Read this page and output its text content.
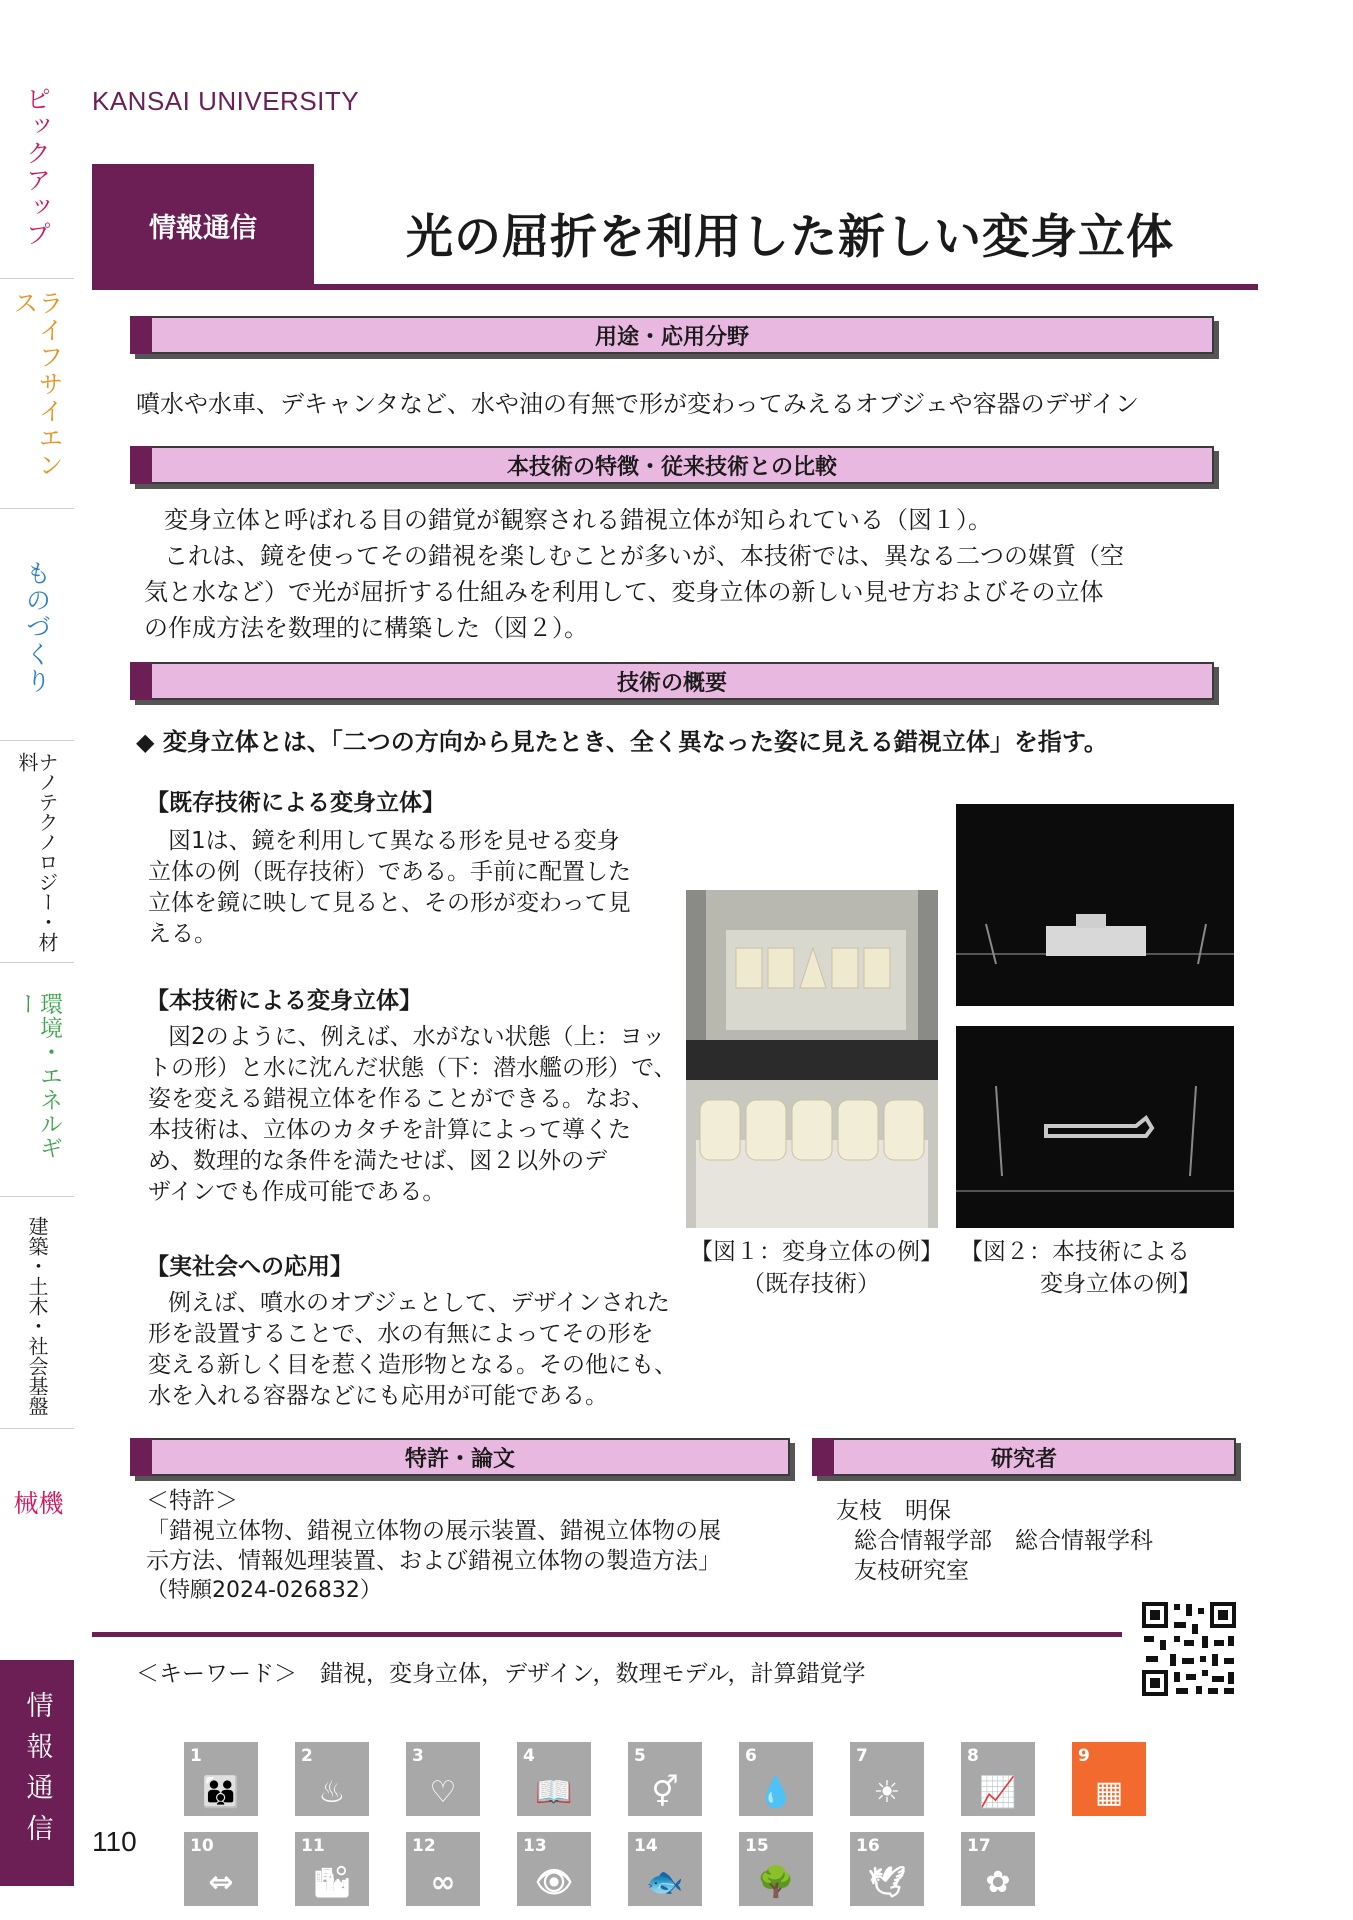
ピックアップ
ライフサイエンス
ものづくり
ナノテクノロジー・材料
環境・エネルギー
建築・土木・社会基盤
機械
情報通信
KANSAI UNIVERSITY
情報通信	光の屈折を利用した新しい変身立体
用途・応用分野
噴水や水車、デキャンタなど、水や油の有無で形が変わってみえるオブジェや容器のデザイン
本技術の特徴・従来技術との比較
変身立体と呼ばれる目の錯覚が観察される錯視立体が知られている（図１）。
これは、鏡を使ってその錯視を楽しむことが多いが、本技術では、異なる二つの媒質（空
気と水など）で光が屈折する仕組みを利用して、変身立体の新しい見せ方およびその立体
の作成方法を数理的に構築した（図２）。
技術の概要
◆ 変身立体とは、「二つの方向から見たとき、全く異なった姿に見える錯視立体」を指す。
【既存技術による変身立体】
図1は、鏡を利用して異なる形を見せる変身
立体の例（既存技術）である。手前に配置した
立体を鏡に映して見ると、その形が変わって見
える。
【本技術による変身立体】
図2のように、例えば、水がない状態（上：ヨッ
トの形）と水に沈んだ状態（下：潜水艦の形）で、
姿を変える錯視立体を作ることができる。なお、
本技術は、立体のカタチを計算によって導くた
め、数理的な条件を満たせば、図２以外のデ
ザインでも作成可能である。
【実社会への応用】
例えば、噴水のオブジェとして、デザインされた
形を設置することで、水の有無によってその形を
変える新しく目を惹く造形物となる。その他にも、
水を入れる容器などにも応用が可能である。
【図１：変身立体の例】
（既存技術）
【図２：本技術による
変身立体の例】
特許・論文
＜特許＞
「錯視立体物、錯視立体物の展示装置、錯視立体物の展
示方法、情報処理装置、および錯視立体物の製造方法」
（特願2024-026832）
研究者
友枝　明保
総合情報学部　総合情報学科
友枝研究室
＜キーワード＞　錯視，変身立体，デザイン，数理モデル，計算錯覚学
110
1
👪
2
♨
3
♡
4
📖
5
⚥
6
💧
7
☀
8
📈
9
▦
10
⇔
11
🏙
12
∞
13
👁
14
🐟
15
🌳
16
🕊
17
✿
